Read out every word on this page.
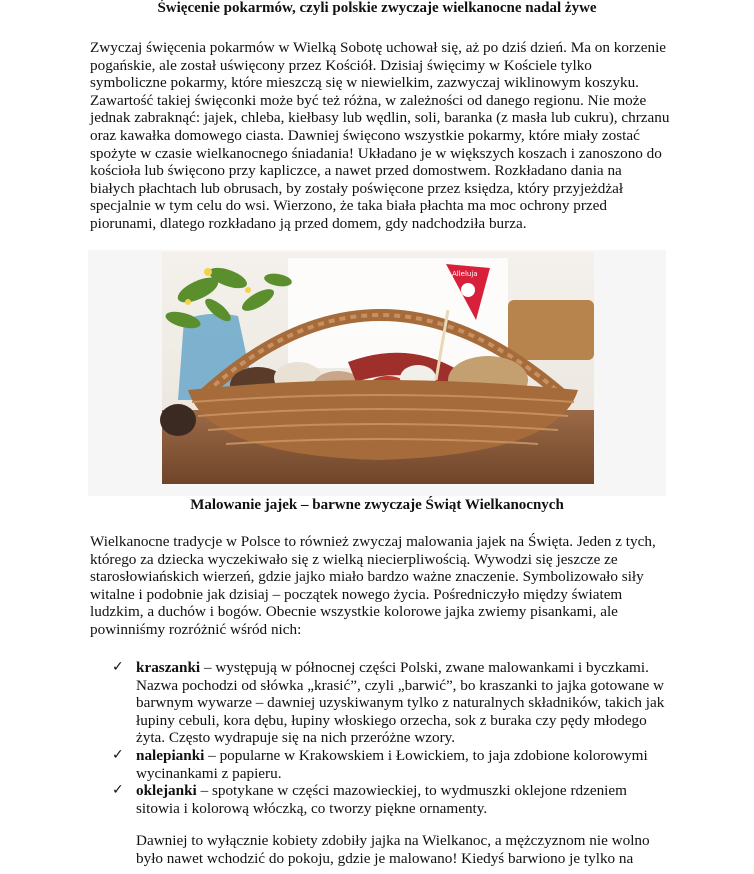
Święcenie pokarmów, czyli polskie zwyczaje wielkanocne nadal żywe

Zwyczaj święcenia pokarmów w Wielką Sobotę uchował się, aż po dziś dzień. Ma on korzenie pogańskie, ale został uświęcony przez Kościół. Dzisiaj święcimy w Kościele tylko symboliczne pokarmy, które mieszczą się w niewielkim, zazwyczaj wiklinowym koszyku. Zawartość takiej święconki może być też różna, w zależności od danego regionu. Nie może jednak zabraknąć: jajek, chleba, kiełbasy lub wędlin, soli, baranka (z masła lub cukru), chrzanu oraz kawałka domowego ciasta. Dawniej święcono wszystkie pokarmy, które miały zostać spożyte w czasie wielkanocnego śniadania! Układano je w większych koszach i zanoszono do kościoła lub święcono przy kapliczce, a nawet przed domostwem. Rozkładano dania na białych płachtach lub obrusach, by zostały poświęcone przez księdza, który przyjeżdżał specjalnie w tym celu do wsi. Wierzono, że taka biała płachta ma moc ochrony przed piorunami, dlatego rozkładano ją przed domem, gdy nadchodziła burza.

Alleluja
Malowanie jajek – barwne zwyczaje Świąt Wielkanocnych

Wielkanocne tradycje w Polsce to również zwyczaj malowania jajek na Święta. Jeden z tych, którego za dziecka wyczekiwało się z wielką niecierpliwością. Wywodzi się jeszcze ze starosłowiańskich wierzeń, gdzie jajko miało bardzo ważne znaczenie. Symbolizowało siły witalne i podobnie jak dzisiaj – początek nowego życia. Pośredniczyło między światem ludzkim, a duchów i bogów. Obecnie wszystkie kolorowe jajka zwiemy pisankami, ale powinniśmy rozróżnić wśród nich:

✓ kraszanki – występują w północnej części Polski, zwane malowankami i byczkami. Nazwa pochodzi od słówka „krasić”, czyli „barwić”, bo kraszanki to jajka gotowane w barwnym wywarze – dawniej uzyskiwanym tylko z naturalnych składników, takich jak łupiny cebuli, kora dębu, łupiny włoskiego orzecha, sok z buraka czy pędy młodego żyta. Często wydrapuje się na nich przeróżne wzory.
✓ nalepianki – popularne w Krakowskiem i Łowickiem, to jaja zdobione kolorowymi wycinankami z papieru.
✓ oklejanki – spotykane w części mazowieckiej, to wydmuszki oklejone rdzeniem sitowia i kolorową włóczką, co tworzy piękne ornamenty.

Dawniej to wyłącznie kobiety zdobiły jajka na Wielkanoc, a mężczyznom nie wolno było nawet wchodzić do pokoju, gdzie je malowano! Kiedyś barwiono je tylko na
